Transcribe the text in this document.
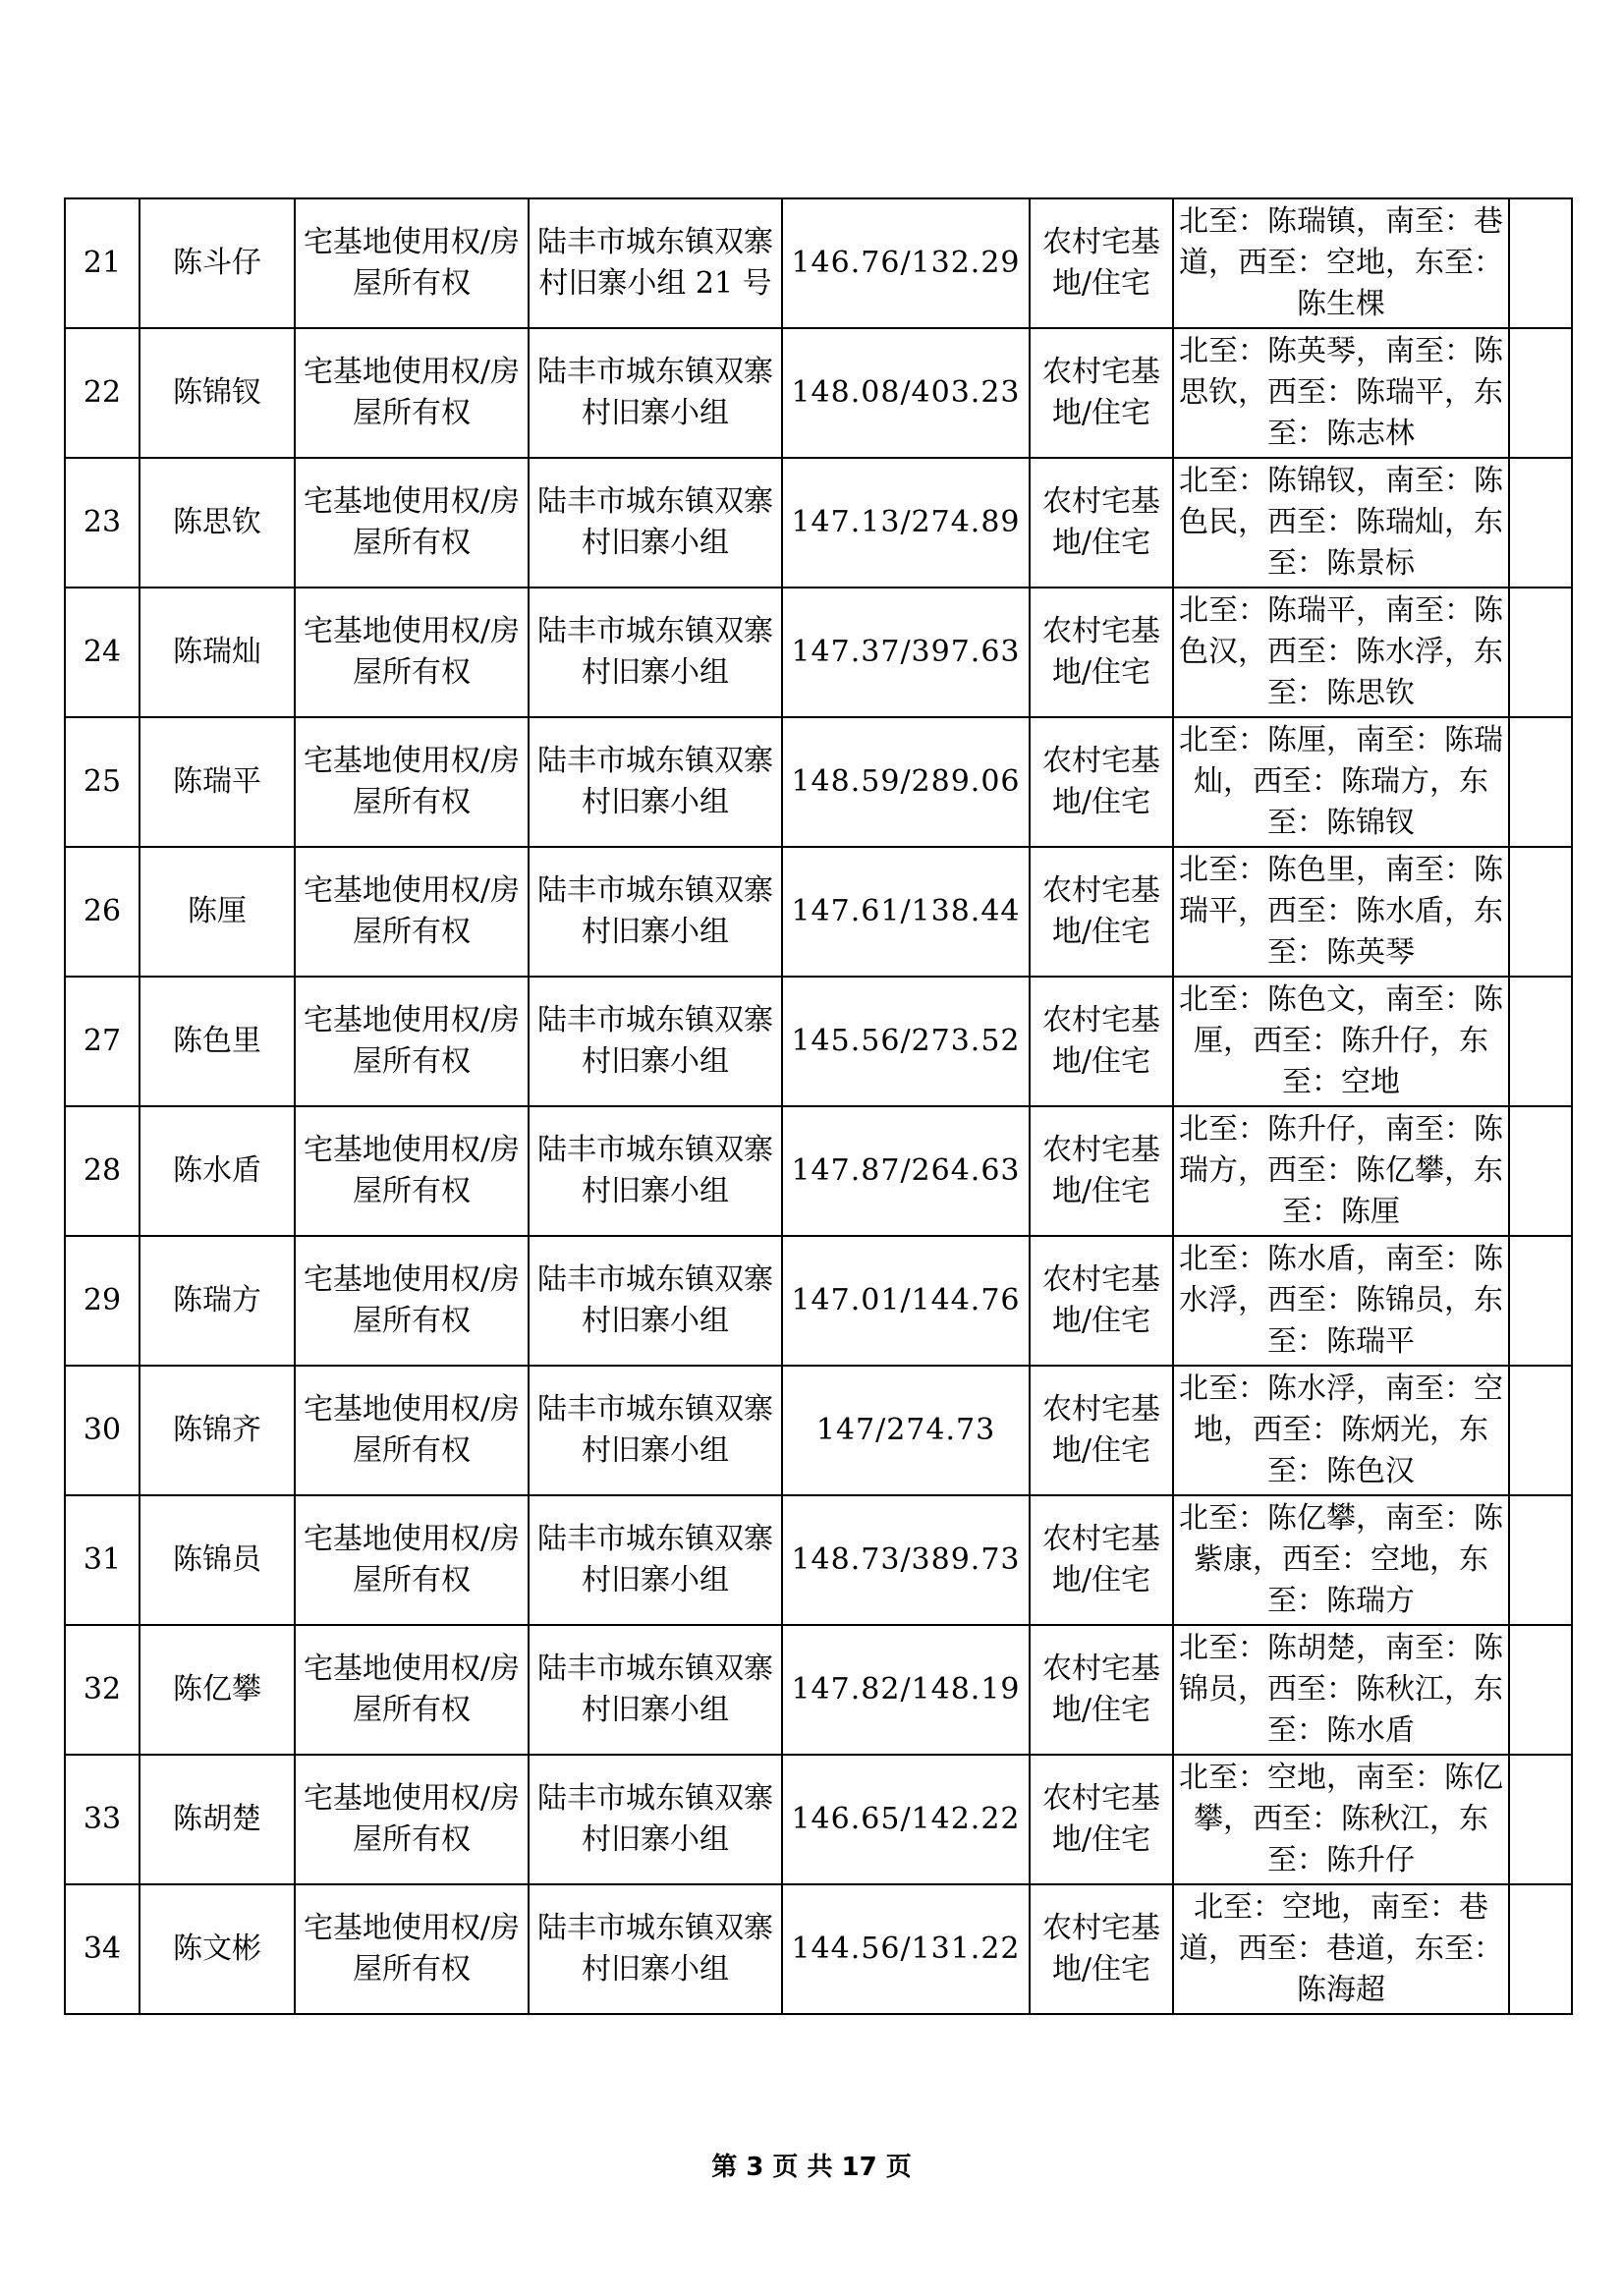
21	陈斗仔	宅基地使用权/房屋所有权	陆丰市城东镇双寨村旧寨小组 21 号	146.76/132.29	农村宅基地/住宅	北至：陈瑞镇，南至：巷道，西至：空地，东至：陈生棵	
22	陈锦钗	宅基地使用权/房屋所有权	陆丰市城东镇双寨村旧寨小组	148.08/403.23	农村宅基地/住宅	北至：陈英琴，南至：陈思钦，西至：陈瑞平，东至：陈志林	
23	陈思钦	宅基地使用权/房屋所有权	陆丰市城东镇双寨村旧寨小组	147.13/274.89	农村宅基地/住宅	北至：陈锦钗，南至：陈色民，西至：陈瑞灿，东至：陈景标	
24	陈瑞灿	宅基地使用权/房屋所有权	陆丰市城东镇双寨村旧寨小组	147.37/397.63	农村宅基地/住宅	北至：陈瑞平，南至：陈色汉，西至：陈水浮，东至：陈思钦	
25	陈瑞平	宅基地使用权/房屋所有权	陆丰市城东镇双寨村旧寨小组	148.59/289.06	农村宅基地/住宅	北至：陈厘，南至：陈瑞灿，西至：陈瑞方，东至：陈锦钗	
26	陈厘	宅基地使用权/房屋所有权	陆丰市城东镇双寨村旧寨小组	147.61/138.44	农村宅基地/住宅	北至：陈色里，南至：陈瑞平，西至：陈水盾，东至：陈英琴	
27	陈色里	宅基地使用权/房屋所有权	陆丰市城东镇双寨村旧寨小组	145.56/273.52	农村宅基地/住宅	北至：陈色文，南至：陈厘，西至：陈升仔，东至：空地	
28	陈水盾	宅基地使用权/房屋所有权	陆丰市城东镇双寨村旧寨小组	147.87/264.63	农村宅基地/住宅	北至：陈升仔，南至：陈瑞方，西至：陈亿攀，东至：陈厘	
29	陈瑞方	宅基地使用权/房屋所有权	陆丰市城东镇双寨村旧寨小组	147.01/144.76	农村宅基地/住宅	北至：陈水盾，南至：陈水浮，西至：陈锦员，东至：陈瑞平	
30	陈锦齐	宅基地使用权/房屋所有权	陆丰市城东镇双寨村旧寨小组	147/274.73	农村宅基地/住宅	北至：陈水浮，南至：空地，西至：陈炳光，东至：陈色汉	
31	陈锦员	宅基地使用权/房屋所有权	陆丰市城东镇双寨村旧寨小组	148.73/389.73	农村宅基地/住宅	北至：陈亿攀，南至：陈紫康，西至：空地，东至：陈瑞方	
32	陈亿攀	宅基地使用权/房屋所有权	陆丰市城东镇双寨村旧寨小组	147.82/148.19	农村宅基地/住宅	北至：陈胡楚，南至：陈锦员，西至：陈秋江，东至：陈水盾	
33	陈胡楚	宅基地使用权/房屋所有权	陆丰市城东镇双寨村旧寨小组	146.65/142.22	农村宅基地/住宅	北至：空地，南至：陈亿攀，西至：陈秋江，东至：陈升仔	
34	陈文彬	宅基地使用权/房屋所有权	陆丰市城东镇双寨村旧寨小组	144.56/131.22	农村宅基地/住宅	北至：空地，南至：巷道，西至：巷道，东至：陈海超	
第 3 页 共 17 页
